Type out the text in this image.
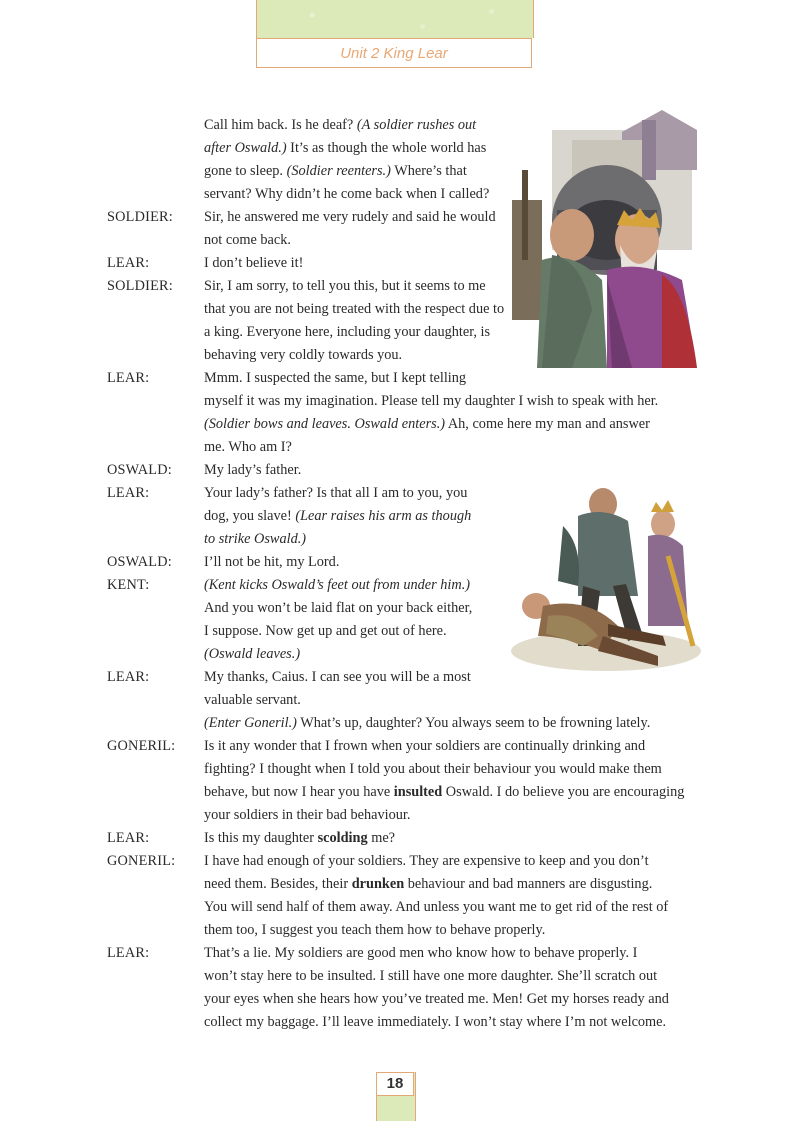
Unit 2 King Lear
Call him back. Is he deaf? (A soldier rushes out
after Oswald.) It’s as though the whole world has
gone to sleep. (Soldier reenters.) Where’s that
servant? Why didn’t he come back when I called?
SOLDIER: Sir, he answered me very rudely and said he would
not come back.
LEAR:	I don’t believe it!
SOLDIER: Sir, I am sorry, to tell you this, but it seems to me
that you are not being treated with the respect due to
a king. Everyone here, including your daughter, is
behaving very coldly towards you.
LEAR:	Mmm. I suspected the same, but I kept telling
myself it was my imagination. Please tell my daughter I wish to speak with her.
(Soldier bows and leaves. Oswald enters.) Ah, come here my man and answer
me. Who am I?
OSWALD: My lady’s father.
LEAR:	Your lady’s father? Is that all I am to you, you
dog, you slave! (Lear raises his arm as though
to strike Oswald.)
OSWALD: I’ll not be hit, my Lord.
KENT:	(Kent kicks Oswald’s feet out from under him.)
And you won’t be laid flat on your back either,
I suppose. Now get up and get out of here.
(Oswald leaves.)
LEAR:	My thanks, Caius. I can see you will be a most
valuable servant.
(Enter Goneril.) What’s up, daughter? You always seem to be frowning lately.
GONERIL: Is it any wonder that I frown when your soldiers are continually drinking and
fighting? I thought when I told you about their behaviour you would make them
behave, but now I hear you have insulted Oswald. I do believe you are encouraging
your soldiers in their bad behaviour.
LEAR:	Is this my daughter scolding me?
GONERIL: I have had enough of your soldiers. They are expensive to keep and you don’t
need them. Besides, their drunken behaviour and bad manners are disgusting.
You will send half of them away. And unless you want me to get rid of the rest of
them too, I suggest you teach them how to behave properly.
LEAR:	That’s a lie. My soldiers are good men who know how to behave properly. I
won’t stay here to be insulted. I still have one more daughter. She’ll scratch out
your eyes when she hears how you’ve treated me. Men! Get my horses ready and
collect my baggage. I’ll leave immediately. I won’t stay where I’m not welcome.
18
